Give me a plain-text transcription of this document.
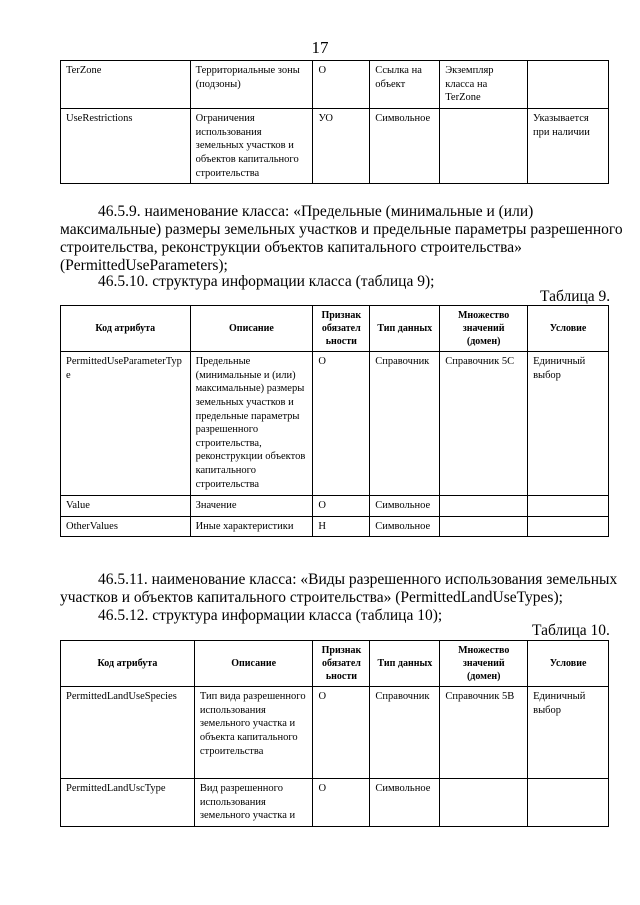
17
TerZone	Территориальные зоны (подзоны)	О	Ссылка на объект	Экземпляр класса на TerZone	
UseRestrictions	Ограничения использования земельных участков и объектов капитального строительства	УО	Символьное		Указывается при наличии
46.5.9. наименование класса: «Предельные (минимальные и (или)
максимальные) размеры земельных участков и предельные параметры разрешенного
строительства, реконструкции объектов капитального строительства»
(PermittedUseParameters);
46.5.10. структура информации класса (таблица 9);
Таблица 9.
Код атрибута	Описание	Признак обязател ьности	Тип данных	Множество значений (домен)	Условие
PermittedUseParameterType	Предельные (минимальные и (или) максимальные) размеры земельных участков и предельные параметры разрешенного строительства, реконструкции объектов капитального строительства	О	Справочник	Справочник 5С	Единичный выбор
Value	Значение	О	Символьное		
OtherValues	Иные характеристики	Н	Символьное		
46.5.11. наименование класса: «Виды разрешенного использования земельных
участков и объектов капитального строительства» (PermittedLandUseTypes);
46.5.12. структура информации класса (таблица 10);
Таблица 10.
Код атрибута	Описание	Признак обязател ьности	Тип данных	Множество значений (домен)	Условие
PermittedLandUseSpecies	Тип вида разрешенного использования земельного участка и объекта капитального строительства	О	Справочник	Справочник 5В	Единичный выбор
PermittedLandUscType	Вид разрешенного использования земельного участка и	О	Символьное		
